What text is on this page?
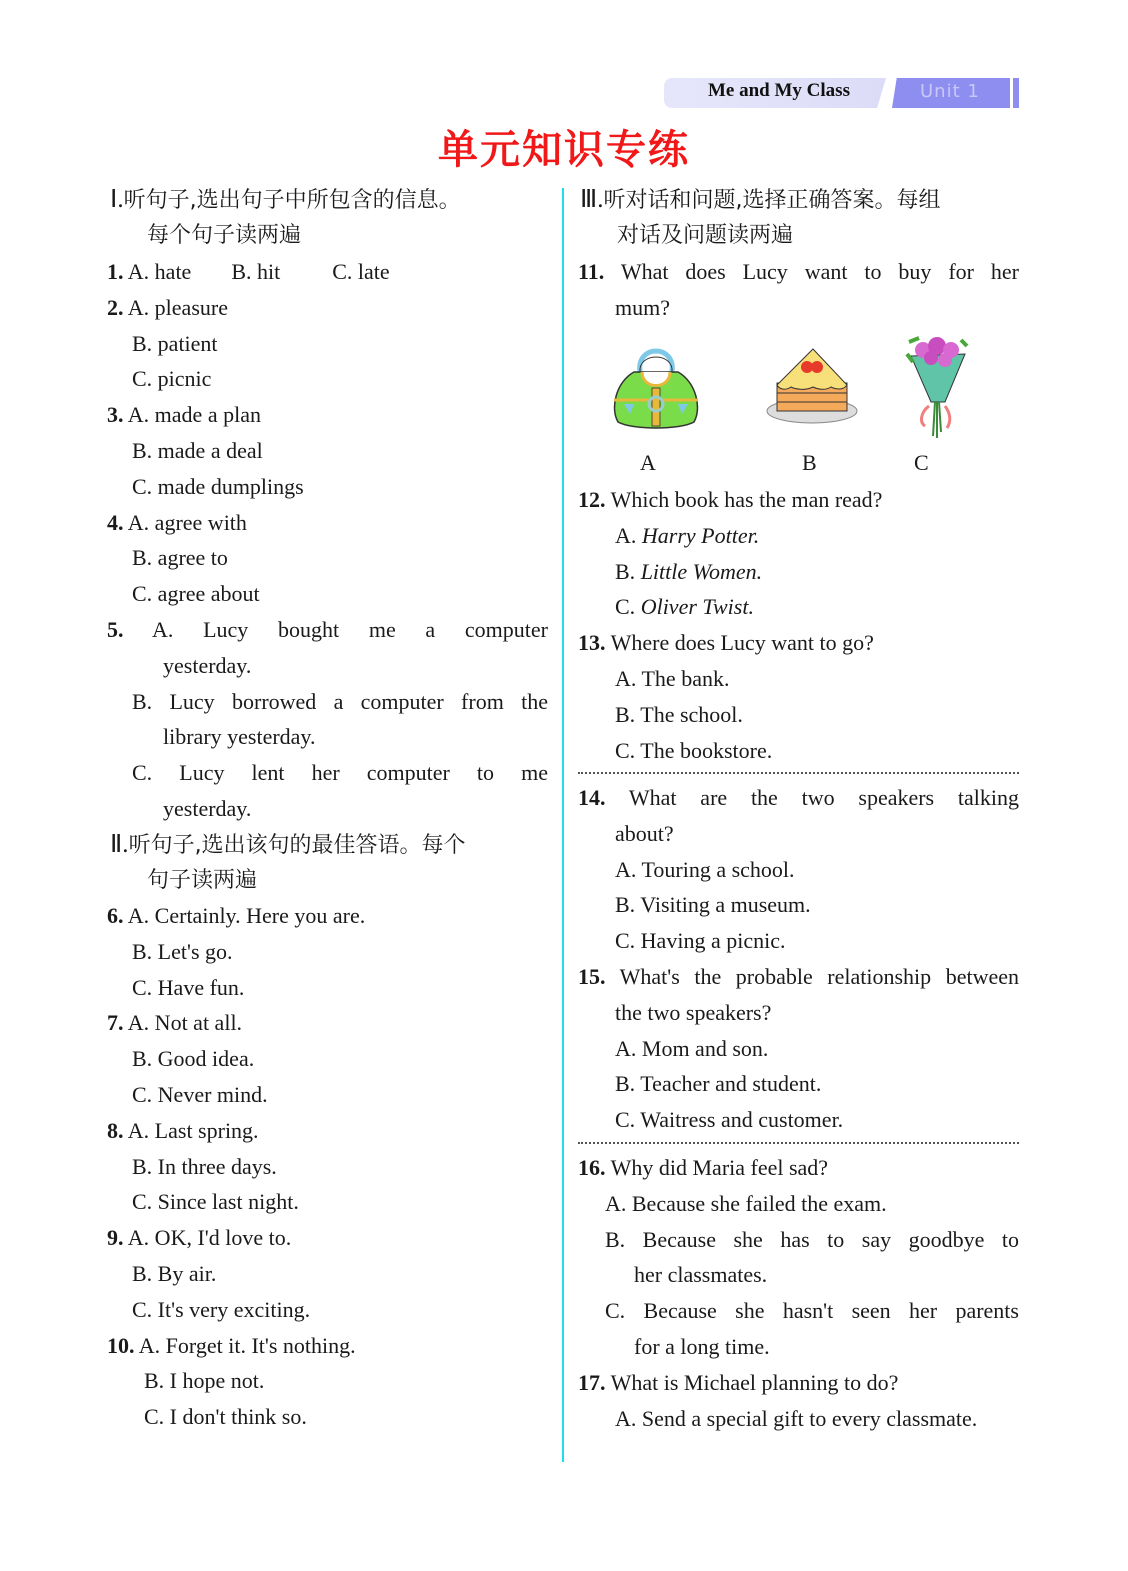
Me and My Class	Unit 1
单元知识专练
Ⅰ.听句子,选出句子中所包含的信息。
每个句子读两遍
Ⅱ.听句子,选出该句的最佳答语。每个
句子读两遍
Ⅲ.听对话和问题,选择正确答案。每组
对话及问题读两遍
11. What does Lucy want to buy for her
mum?
A	B	C
1. A. hate B. hit C. late
2. A. pleasure
B. patient
C. picnic
3. A. made a plan
B. made a deal
C. made dumplings
4. A. agree with
B. agree to
C. agree about
5. A. Lucy bought me a computer
yesterday.
B. Lucy borrowed a computer from the
library yesterday.
C. Lucy lent her computer to me
yesterday.
6. A. Certainly. Here you are.
B. Let's go.
C. Have fun.
7. A. Not at all.
B. Good idea.
C. Never mind.
8. A. Last spring.
B. In three days.
C. Since last night.
9. A. OK, I'd love to.
B. By air.
C. It's very exciting.
10. A. Forget it. It's nothing.
B. I hope not.
C. I don't think so.
12. Which book has the man read?
A. Harry Potter.
B. Little Women.
C. Oliver Twist.
13. Where does Lucy want to go?
A. The bank.
B. The school.
C. The bookstore.
14. What are the two speakers talking
about?
A. Touring a school.
B. Visiting a museum.
C. Having a picnic.
15. What's the probable relationship between
the two speakers?
A. Mom and son.
B. Teacher and student.
C. Waitress and customer.
16. Why did Maria feel sad?
A. Because she failed the exam.
B. Because she has to say goodbye to
her classmates.
C. Because she hasn't seen her parents
for a long time.
17. What is Michael planning to do?
A. Send a special gift to every classmate.
